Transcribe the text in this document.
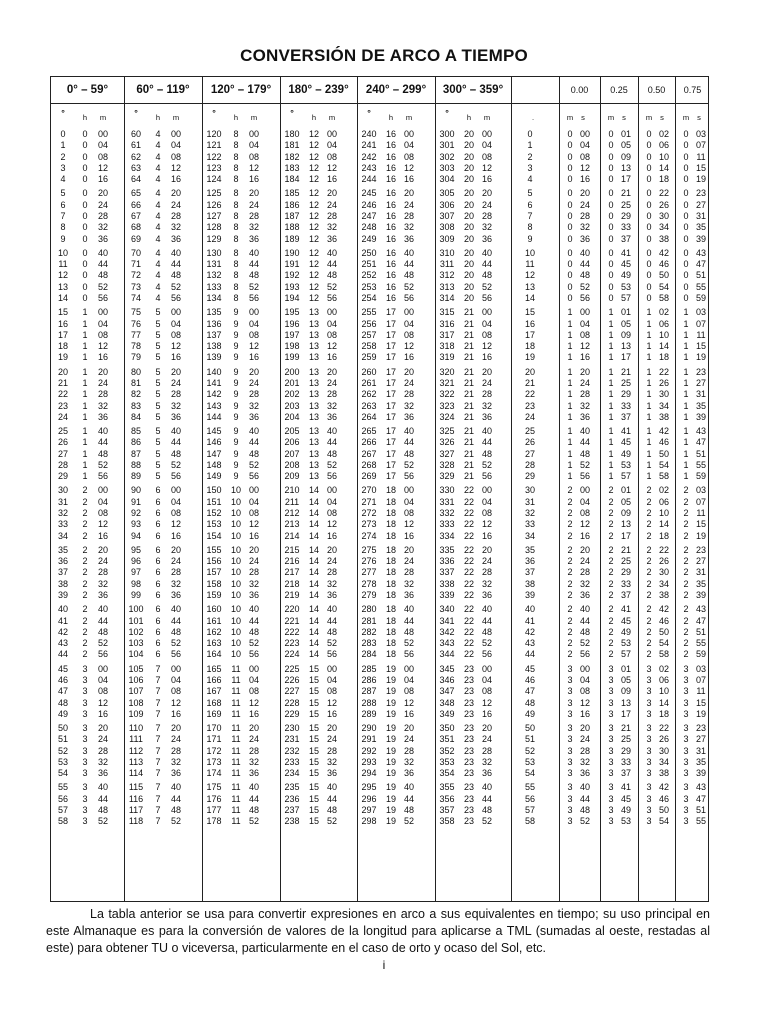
CONVERSIÓN DE ARCO A TIEMPO
0° – 59°	60° – 119°	120° – 179°	180° – 239°	240° – 299°	300° – 359°	0.00	0.25	0.50	0.75
°	h	m	°	h	m	°	h	m	°	h	m	°	h	m	°	h	m	.	m	s	m	s	m	s	m	s
0	0	00	60	4	00	120	8	00	180	12 00	240	16 00	300	20 00	0	0 00	0 01	0 02	0 03
1	0	04	61	4	04	121	8	04	181	12 04	241	16 04	301	20 04	1	0 04	0 05	0 06	0 07
2	0	08	62	4	08	122	8	08	182	12 08	242	16 08	302	20 08	2	0 08	0 09	0 10	0 11
3	0	12	63	4	12	123	8	12	183	12 12	243	16 12	303	20 12	3	0 12	0 13	0 14	0 15
4	0	16	64	4	16	124	8	16	184	12 16	244	16 16	304	20 16	4	0 16	0 17	0 18	0 19
5	0	20	65	4	20	125	8	20	185	12 20	245	16 20	305	20 20	5	0 20	0 21	0 22	0 23
6	0	24	66	4	24	126	8	24	186	12 24	246	16 24	306	20 24	6	0 24	0 25	0 26	0 27
7	0	28	67	4	28	127	8	28	187	12 28	247	16 28	307	20 28	7	0 28	0 29	0 30	0 31
8	0	32	68	4	32	128	8	32	188	12 32	248	16 32	308	20 32	8	0 32	0 33	0 34	0 35
9	0	36	69	4	36	129	8	36	189	12 36	249	16 36	309	20 36	9	0 36	0 37	0 38	0 39
10	0	40	70	4	40	130	8	40	190	12 40	250	16 40	310	20 40	10	0 40	0 41	0 42	0 43
11	0	44	71	4	44	131	8	44	191	12 44	251	16 44	311	20 44	11	0 44	0 45	0 46	0 47
12	0	48	72	4	48	132	8	48	192	12 48	252	16 48	312	20 48	12	0 48	0 49	0 50	0 51
13	0	52	73	4	52	133	8	52	193	12 52	253	16 52	313	20 52	13	0 52	0 53	0 54	0 55
14	0	56	74	4	56	134	8	56	194	12 56	254	16 56	314	20 56	14	0 56	0 57	0 58	0 59
15	1	00	75	5	00	135	9	00	195	13 00	255	17 00	315	21 00	15	1 00	1 01	1 02	1 03
16	1	04	76	5	04	136	9	04	196	13 04	256	17 04	316	21 04	16	1 04	1 05	1 06	1 07
17	1	08	77	5	08	137	9	08	197	13 08	257	17 08	317	21 08	17	1 08	1 09	1 10	1 11
18	1	12	78	5	12	138	9	12	198	13 12	258	17 12	318	21 12	18	1 12	1 13	1 14	1 15
19	1	16	79	5	16	139	9	16	199	13 16	259	17 16	319	21 16	19	1 16	1 17	1 18	1 19
20	1	20	80	5	20	140	9	20	200	13 20	260	17 20	320	21 20	20	1 20	1 21	1 22	1 23
21	1	24	81	5	24	141	9	24	201	13 24	261	17 24	321	21 24	21	1 24	1 25	1 26	1 27
22	1	28	82	5	28	142	9	28	202	13 28	262	17 28	322	21 28	22	1 28	1 29	1 30	1 31
23	1	32	83	5	32	143	9	32	203	13 32	263	17 32	323	21 32	23	1 32	1 33	1 34	1 35
24	1	36	84	5	36	144	9	36	204	13 36	264	17 36	324	21 36	24	1 36	1 37	1 38	1 39
25	1	40	85	5	40	145	9	40	205	13 40	265	17 40	325	21 40	25	1 40	1 41	1 42	1 43
26	1	44	86	5	44	146	9	44	206	13 44	266	17 44	326	21 44	26	1 44	1 45	1 46	1 47
27	1	48	87	5	48	147	9	48	207	13 48	267	17 48	327	21 48	27	1 48	1 49	1 50	1 51
28	1	52	88	5	52	148	9	52	208	13 52	268	17 52	328	21 52	28	1 52	1 53	1 54	1 55
29	1	56	89	5	56	149	9	56	209	13 56	269	17 56	329	21 56	29	1 56	1 57	1 58	1 59
30	2	00	90	6	00	150	10 00	210	14 00	270	18 00	330	22 00	30	2 00	2 01	2 02	2 03
31	2	04	91	6	04	151	10 04	211	14 04	271	18 04	331	22 04	31	2 04	2 05	2 06	2 07
32	2	08	92	6	08	152	10 08	212	14 08	272	18 08	332	22 08	32	2 08	2 09	2 10	2 11
33	2	12	93	6	12	153	10 12	213	14 12	273	18 12	333	22 12	33	2 12	2 13	2 14	2 15
34	2	16	94	6	16	154	10 16	214	14 16	274	18 16	334	22 16	34	2 16	2 17	2 18	2 19
35	2	20	95	6	20	155	10 20	215	14 20	275	18 20	335	22 20	35	2 20	2 21	2 22	2 23
36	2	24	96	6	24	156	10 24	216	14 24	276	18 24	336	22 24	36	2 24	2 25	2 26	2 27
37	2	28	97	6	28	157	10 28	217	14 28	277	18 28	337	22 28	37	2 28	2 29	2 30	2 31
38	2	32	98	6	32	158	10 32	218	14 32	278	18 32	338	22 32	38	2 32	2 33	2 34	2 35
39	2	36	99	6	36	159	10 36	219	14 36	279	18 36	339	22 36	39	2 36	2 37	2 38	2 39
40	2	40	100	6	40	160	10 40	220	14 40	280	18 40	340	22 40	40	2 40	2 41	2 42	2 43
41	2	44	101	6	44	161	10 44	221	14 44	281	18 44	341	22 44	41	2 44	2 45	2 46	2 47
42	2	48	102	6	48	162	10 48	222	14 48	282	18 48	342	22 48	42	2 48	2 49	2 50	2 51
43	2	52	103	6	52	163	10 52	223	14 52	283	18 52	343	22 52	43	2 52	2 53	2 54	2 55
44	2	56	104	6	56	164	10 56	224	14 56	284	18 56	344	22 56	44	2 56	2 57	2 58	2 59
45	3	00	105	7	00	165	11 00	225	15 00	285	19 00	345	23 00	45	3 00	3 01	3 02	3 03
46	3	04	106	7	04	166	11 04	226	15 04	286	19 04	346	23 04	46	3 04	3 05	3 06	3 07
47	3	08	107	7	08	167	11 08	227	15 08	287	19 08	347	23 08	47	3 08	3 09	3 10	3 11
48	3	12	108	7	12	168	11 12	228	15 12	288	19 12	348	23 12	48	3 12	3 13	3 14	3 15
49	3	16	109	7	16	169	11 16	229	15 16	289	19 16	349	23 16	49	3 16	3 17	3 18	3 19
50	3	20	110	7	20	170	11 20	230	15 20	290	19 20	350	23 20	50	3 20	3 21	3 22	3 23
51	3	24	111	7	24	171	11 24	231	15 24	291	19 24	351	23 24	51	3 24	3 25	3 26	3 27
52	3	28	112	7	28	172	11 28	232	15 28	292	19 28	352	23 28	52	3 28	3 29	3 30	3 31
53	3	32	113	7	32	173	11 32	233	15 32	293	19 32	353	23 32	53	3 32	3 33	3 34	3 35
54	3	36	114	7	36	174	11 36	234	15 36	294	19 36	354	23 36	54	3 36	3 37	3 38	3 39
55	3	40	115	7	40	175	11 40	235	15 40	295	19 40	355	23 40	55	3 40	3 41	3 42	3 43
56	3	44	116	7	44	176	11 44	236	15 44	296	19 44	356	23 44	56	3 44	3 45	3 46	3 47
57	3	48	117	7	48	177	11 48	237	15 48	297	19 48	357	23 48	57	3 48	3 49	3 50	3 51
58	3	52	118	7	52	178	11 52	238	15 52	298	19 52	358	23 52	58	3 52	3 53	3 54	3 55
La tabla anterior se usa para convertir expresiones en arco a sus equivalentes en tiempo; su uso principal en este Almanaque es para la conversión de valores de la longitud para aplicarse a TML (sumadas al oeste, restadas al este) para obtener TU o viceversa, particularmente en el caso de orto y ocaso del Sol, etc.
i
